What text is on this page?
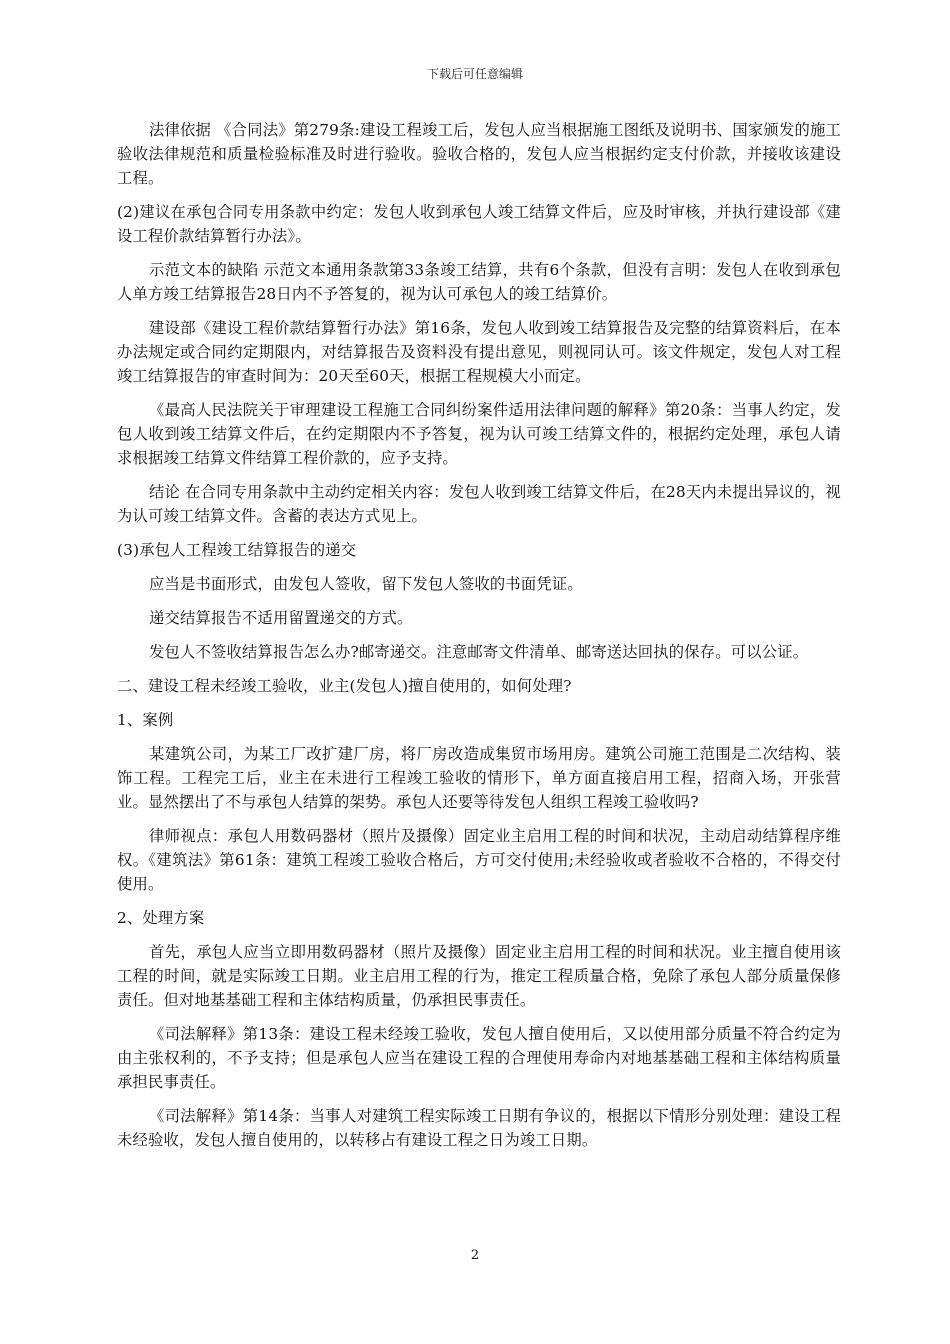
下载后可任意编辑

法律依据 《合同法》第279条:建设工程竣工后，发包人应当根据施工图纸及说明书、国家颁发的施工验收法律规范和质量检验标准及时进行验收。验收合格的，发包人应当根据约定支付价款，并接收该建设工程。

(2)建议在承包合同专用条款中约定：发包人收到承包人竣工结算文件后，应及时审核，并执行建设部《建设工程价款结算暂行办法》。

示范文本的缺陷 示范文本通用条款第33条竣工结算，共有6个条款，但没有言明：发包人在收到承包人单方竣工结算报告28日内不予答复的，视为认可承包人的竣工结算价。

建设部《建设工程价款结算暂行办法》第16条，发包人收到竣工结算报告及完整的结算资料后，在本办法规定或合同约定期限内，对结算报告及资料没有提出意见，则视同认可。该文件规定，发包人对工程竣工结算报告的审查时间为：20天至60天，根据工程规模大小而定。

《最高人民法院关于审理建设工程施工合同纠纷案件适用法律问题的解释》第20条：当事人约定，发包人收到竣工结算文件后，在约定期限内不予答复，视为认可竣工结算文件的，根据约定处理，承包人请求根据竣工结算文件结算工程价款的，应予支持。

结论 在合同专用条款中主动约定相关内容：发包人收到竣工结算文件后，在28天内未提出异议的，视为认可竣工结算文件。含蓄的表达方式见上。

(3)承包人工程竣工结算报告的递交

应当是书面形式，由发包人签收，留下发包人签收的书面凭证。

递交结算报告不适用留置递交的方式。

发包人不签收结算报告怎么办?邮寄递交。注意邮寄文件清单、邮寄送达回执的保存。可以公证。

二、建设工程未经竣工验收，业主(发包人)擅自使用的，如何处理?

1、案例

某建筑公司，为某工厂改扩建厂房，将厂房改造成集贸市场用房。建筑公司施工范围是二次结构、装饰工程。工程完工后，业主在未进行工程竣工验收的情形下，单方面直接启用工程，招商入场，开张营业。显然摆出了不与承包人结算的架势。承包人还要等待发包人组织工程竣工验收吗?

律师视点：承包人用数码器材（照片及摄像）固定业主启用工程的时间和状况，主动启动结算程序维权。《建筑法》第61条：建筑工程竣工验收合格后，方可交付使用;未经验收或者验收不合格的，不得交付使用。

2、处理方案

首先，承包人应当立即用数码器材（照片及摄像）固定业主启用工程的时间和状况。业主擅自使用该工程的时间，就是实际竣工日期。业主启用工程的行为，推定工程质量合格，免除了承包人部分质量保修责任。但对地基基础工程和主体结构质量，仍承担民事责任。

《司法解释》第13条：建设工程未经竣工验收，发包人擅自使用后，又以使用部分质量不符合约定为由主张权利的，不予支持；但是承包人应当在建设工程的合理使用寿命内对地基基础工程和主体结构质量承担民事责任。

《司法解释》第14条：当事人对建筑工程实际竣工日期有争议的，根据以下情形分别处理：建设工程未经验收，发包人擅自使用的，以转移占有建设工程之日为竣工日期。

2
